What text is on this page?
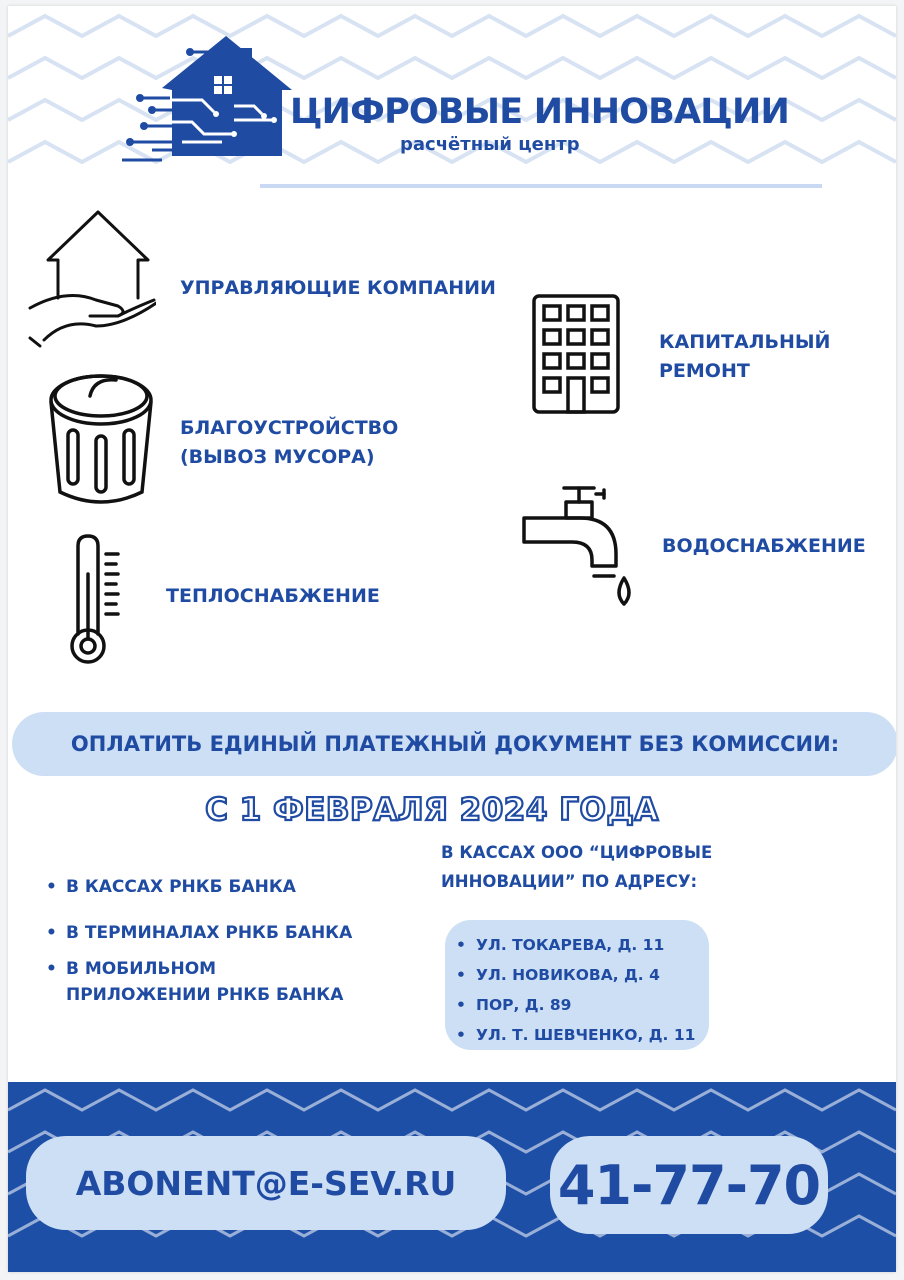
ЦИФРОВЫЕ ИННОВАЦИИ
расчётный центр
УПРАВЛЯЮЩИЕ КОМПАНИИ
КАПИТАЛЬНЫЙ
РЕМОНТ
БЛАГОУСТРОЙСТВО
(ВЫВОЗ МУСОРА)
ВОДОСНАБЖЕНИЕ
ТЕПЛОСНАБЖЕНИЕ
ОПЛАТИТЬ ЕДИНЫЙ ПЛАТЕЖНЫЙ ДОКУМЕНТ БЕЗ КОМИССИИ:
С 1 ФЕВРАЛЯ 2024 ГОДА
• В КАССАХ РНКБ БАНКА
• В ТЕРМИНАЛАХ РНКБ БАНКА
• В МОБИЛЬНОМ
ПРИЛОЖЕНИИ РНКБ БАНКА
В КАССАХ ООО “ЦИФРОВЫЕ
ИННОВАЦИИ” ПО АДРЕСУ:
• УЛ. ТОКАРЕВА, Д. 11
• УЛ. НОВИКОВА, Д. 4
• ПОР, Д. 89
• УЛ. Т. ШЕВЧЕНКО, Д. 11
ABONENT@E-SEV.RU	41-77-70
